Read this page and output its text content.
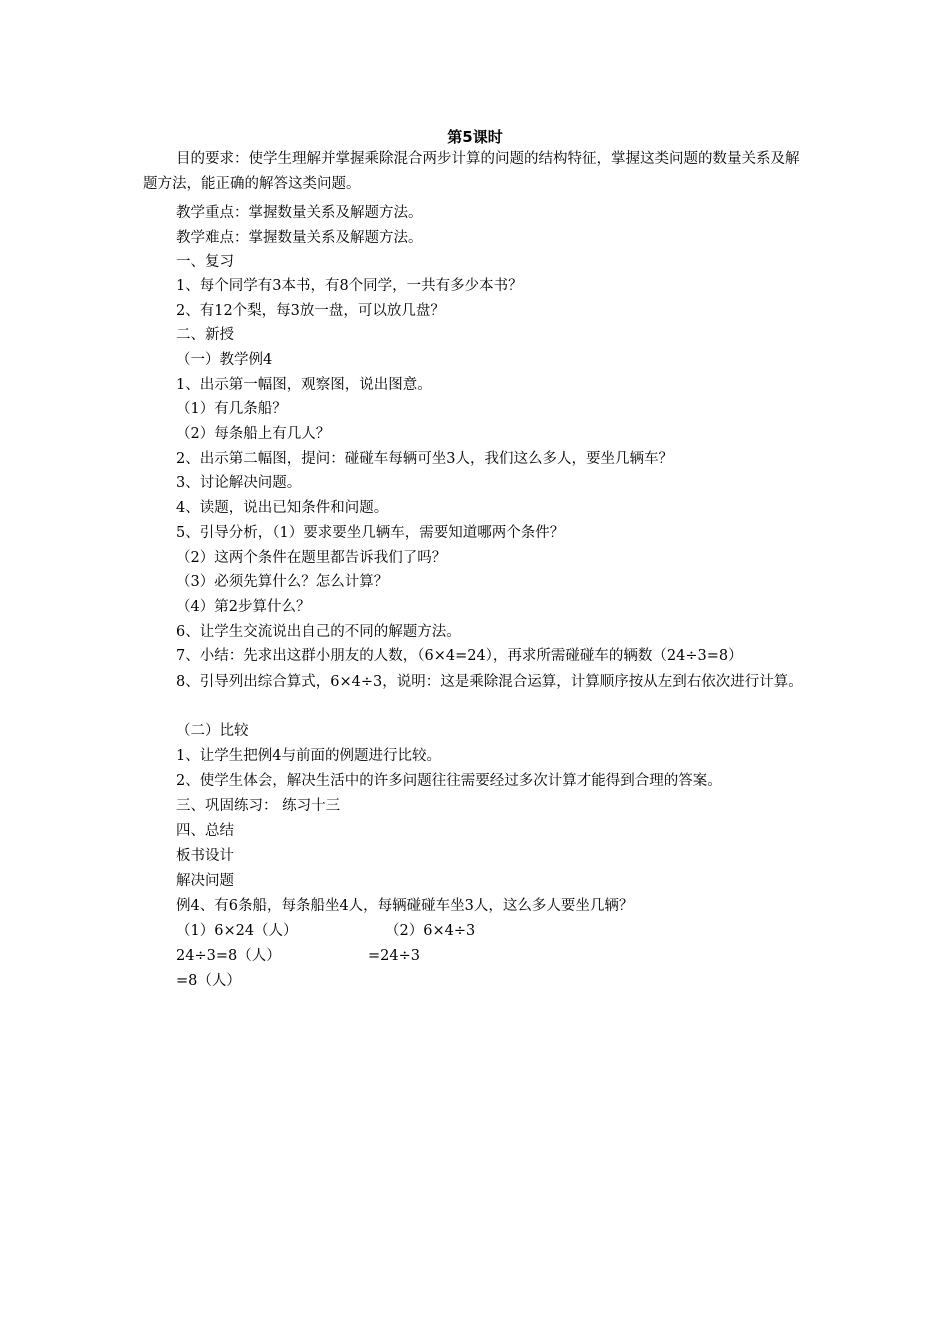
第5课时
目的要求：使学生理解并掌握乘除混合两步计算的问题的结构特征，掌握这类问题的数量关系及解题方法，能正确的解答这类问题。
教学重点：掌握数量关系及解题方法。
教学难点：掌握数量关系及解题方法。
一、复习
1、每个同学有3本书，有8个同学，一共有多少本书？
2、有12个梨，每3放一盘，可以放几盘？
二、新授
（一）教学例4
1、出示第一幅图，观察图，说出图意。
（1）有几条船？
（2）每条船上有几人？
2、出示第二幅图，提问：碰碰车每辆可坐3人，我们这么多人，要坐几辆车？
3、讨论解决问题。
4、读题，说出已知条件和问题。
5、引导分析，（1）要求要坐几辆车，需要知道哪两个条件？
（2）这两个条件在题里都告诉我们了吗？
（3）必须先算什么？怎么计算？
（4）第2步算什么？
6、让学生交流说出自己的不同的解题方法。
7、小结：先求出这群小朋友的人数，（6×4=24），再求所需碰碰车的辆数（24÷3=8）
8、引导列出综合算式，6×4÷3，说明：这是乘除混合运算，计算顺序按从左到右依次进行计算。
（二）比较
1、让学生把例4与前面的例题进行比较。
2、使学生体会，解决生活中的许多问题往往需要经过多次计算才能得到合理的答案。
三、巩固练习： 练习十三
四、总结
板书设计
解决问题
例4、有6条船，每条船坐4人，每辆碰碰车坐3人，这么多人要坐几辆？
（1）6×24（人）	（2）6×4÷3
24÷3=8（人）	=24÷3
=8（人）
